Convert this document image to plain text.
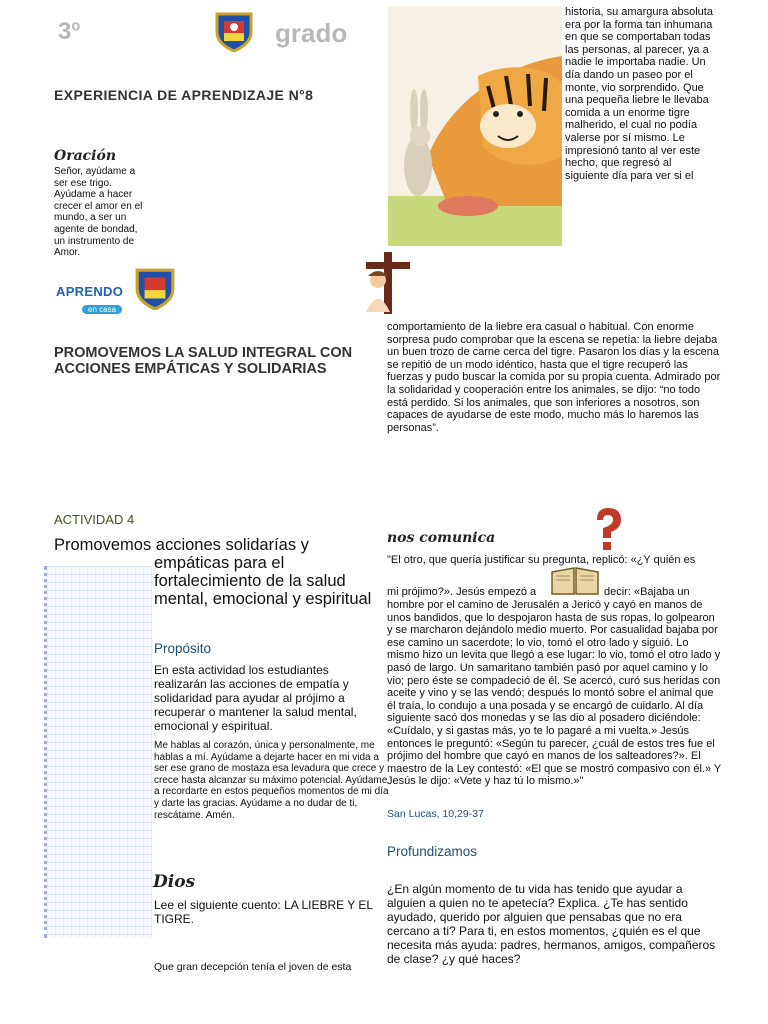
3º	grado
EXPERIENCIA DE APRENDIZAJE N°8
historia, su amargura absoluta era por la forma tan inhumana en que se comportaban todas las personas, al parecer, ya a nadie le importaba nadie. Un día dando un paseo por el monte, vio sorprendido. Que una pequeña liebre le llevaba comida a un enorme tigre malherido, el cual no podía valerse por sí mismo. Le impresionó tanto al ver este hecho, que regresó al siguiente día para ver si el
Oración
Señor, ayúdame a ser ese trigo. Ayúdame a hacer crecer el amor en el mundo, a ser un agente de bondad, un instrumento de Amor.
APRENDO
en casa
PROMOVEMOS LA SALUD INTEGRAL CON ACCIONES EMPÁTICAS Y SOLIDARIAS
comportamiento de la liebre era casual o habitual. Con enorme sorpresa pudo comprobar que la escena se repetía: la liebre dejaba un buen trozo de carne cerca del tigre. Pasaron los días y la escena se repitió de un modo idéntico, hasta que el tigre recuperó las fuerzas y pudo buscar la comida por su propia cuenta. Admirado por la solidaridad y cooperación entre los animales, se dijo: “no todo está perdido. Si los animales, que son inferiores a nosotros, son capaces de ayudarse de este modo, mucho más lo haremos las personas”.
ACTIVIDAD 4
Promovemos acciones solidarías y
empáticas para el fortalecimiento de la salud mental, emocional y espiritual
Propósito
En esta actividad los estudiantes realizarán las acciones de empatía y solidaridad para ayudar al prójimo a recuperar o mantener la salud mental, emocional y espiritual.
Me hablas al corazón, única y personalmente, me hablas a mí. Ayúdame a dejarte hacer en mi vida a ser ese grano de mostaza esa levadura que crece y crece hasta alcanzar su máximo potencial. Ayúdame a recordarte en estos pequeños momentos de mi día y darte las gracias. Ayúdame a no dudar de ti, rescátame. Amén.
Dios
Lee el siguiente cuento: LA LIEBRE Y EL TIGRE.
Que gran decepción tenía el joven de esta
nos comunica
"El otro, que quería justificar su pregunta, replicó: «¿Y quién es
mi prójimo?». Jesús empezó a	decir: «Bajaba un
hombre por el camino de Jerusalén a Jericó y cayó en manos de unos bandidos, que lo despojaron hasta de sus ropas, lo golpearon y se marcharon dejándolo medio muerto. Por casualidad bajaba por ese camino un sacerdote; lo vio, tomó el otro lado y siguió. Lo mismo hizo un levita que llegó a ese lugar: lo vio, tomó el otro lado y pasó de largo. Un samaritano también pasó por aquel camino y lo vio; pero éste se compadeció de él. Se acercó, curó sus heridas con aceite y vino y se las vendó; después lo montó sobre el animal que él traía, lo condujo a una posada y se encargó de cuidarlo. Al día siguiente sacó dos monedas y se las dio al posadero diciéndole: «Cuídalo, y si gastas más, yo te lo pagaré a mi vuelta.» Jesús entonces le preguntó: «Según tu parecer, ¿cuál de estos tres fue el prójimo del hombre que cayó en manos de los salteadores?». El maestro de la Ley contestó: «El que se mostró compasivo con él.» Y Jesús le dijo: «Vete y haz tú lo mismo.»"
San Lucas, 10,29-37
Profundizamos
¿En algún momento de tu vida has tenido que ayudar a alguien a quien no te apetecía? Explica. ¿Te has sentido ayudado, querido por alguien que pensabas que no era cercano a ti? Para ti, en estos momentos, ¿quién es el que necesita más ayuda: padres, hermanos, amigos, compañeros de clase? ¿y qué haces?
